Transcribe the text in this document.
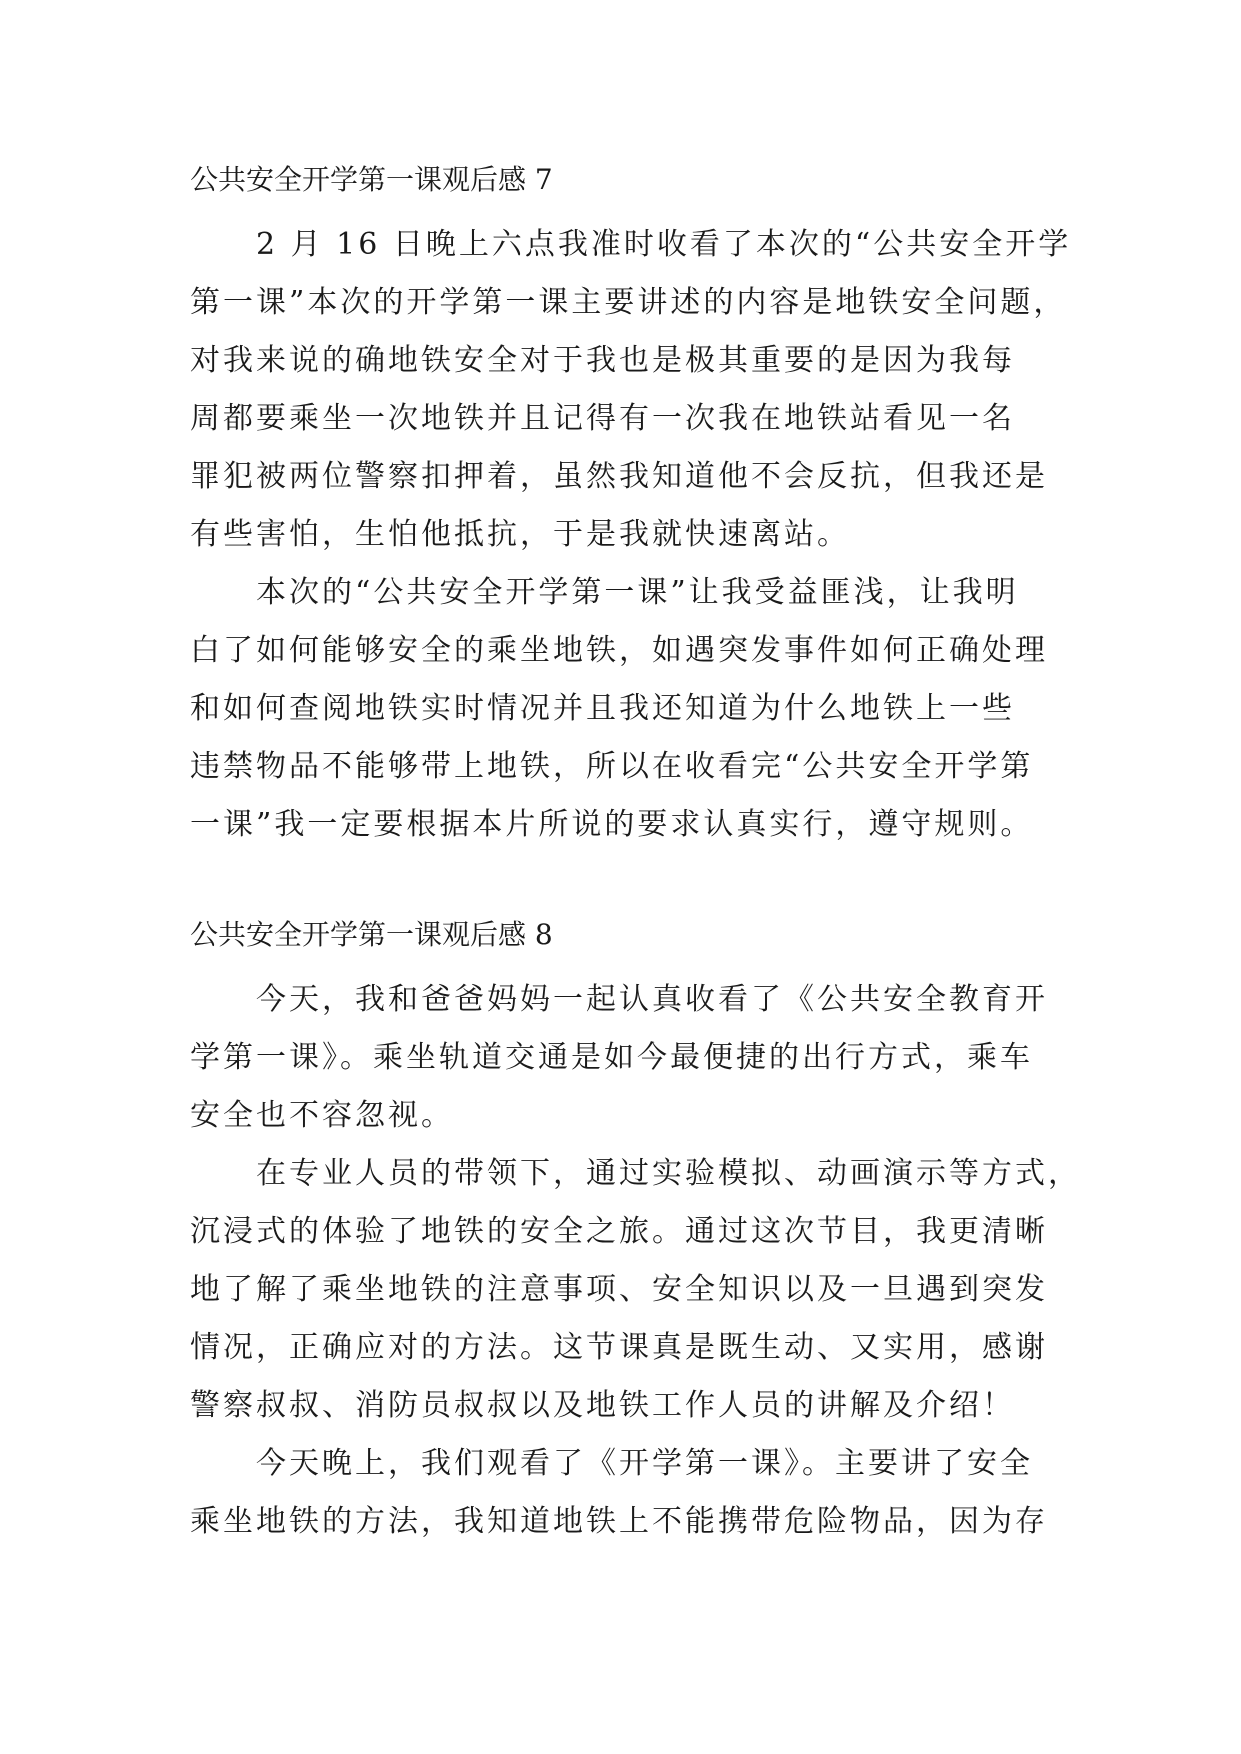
公共安全开学第一课观后感 7

2 月 16 日晚上六点我准时收看了本次的“公共安全开学
第一课”本次的开学第一课主要讲述的内容是地铁安全问题，
对我来说的确地铁安全对于我也是极其重要的是因为我每
周都要乘坐一次地铁并且记得有一次我在地铁站看见一名
罪犯被两位警察扣押着，虽然我知道他不会反抗，但我还是
有些害怕，生怕他抵抗，于是我就快速离站。

本次的“公共安全开学第一课”让我受益匪浅，让我明
白了如何能够安全的乘坐地铁，如遇突发事件如何正确处理
和如何查阅地铁实时情况并且我还知道为什么地铁上一些
违禁物品不能够带上地铁，所以在收看完“公共安全开学第
一课”我一定要根据本片所说的要求认真实行，遵守规则。

公共安全开学第一课观后感 8

今天，我和爸爸妈妈一起认真收看了《公共安全教育开
学第一课》。乘坐轨道交通是如今最便捷的出行方式，乘车
安全也不容忽视。

在专业人员的带领下，通过实验模拟、动画演示等方式，
沉浸式的体验了地铁的安全之旅。通过这次节目，我更清晰
地了解了乘坐地铁的注意事项、安全知识以及一旦遇到突发
情况，正确应对的方法。这节课真是既生动、又实用，感谢
警察叔叔、消防员叔叔以及地铁工作人员的讲解及介绍！

今天晚上，我们观看了《开学第一课》。主要讲了安全
乘坐地铁的方法，我知道地铁上不能携带危险物品，因为存
